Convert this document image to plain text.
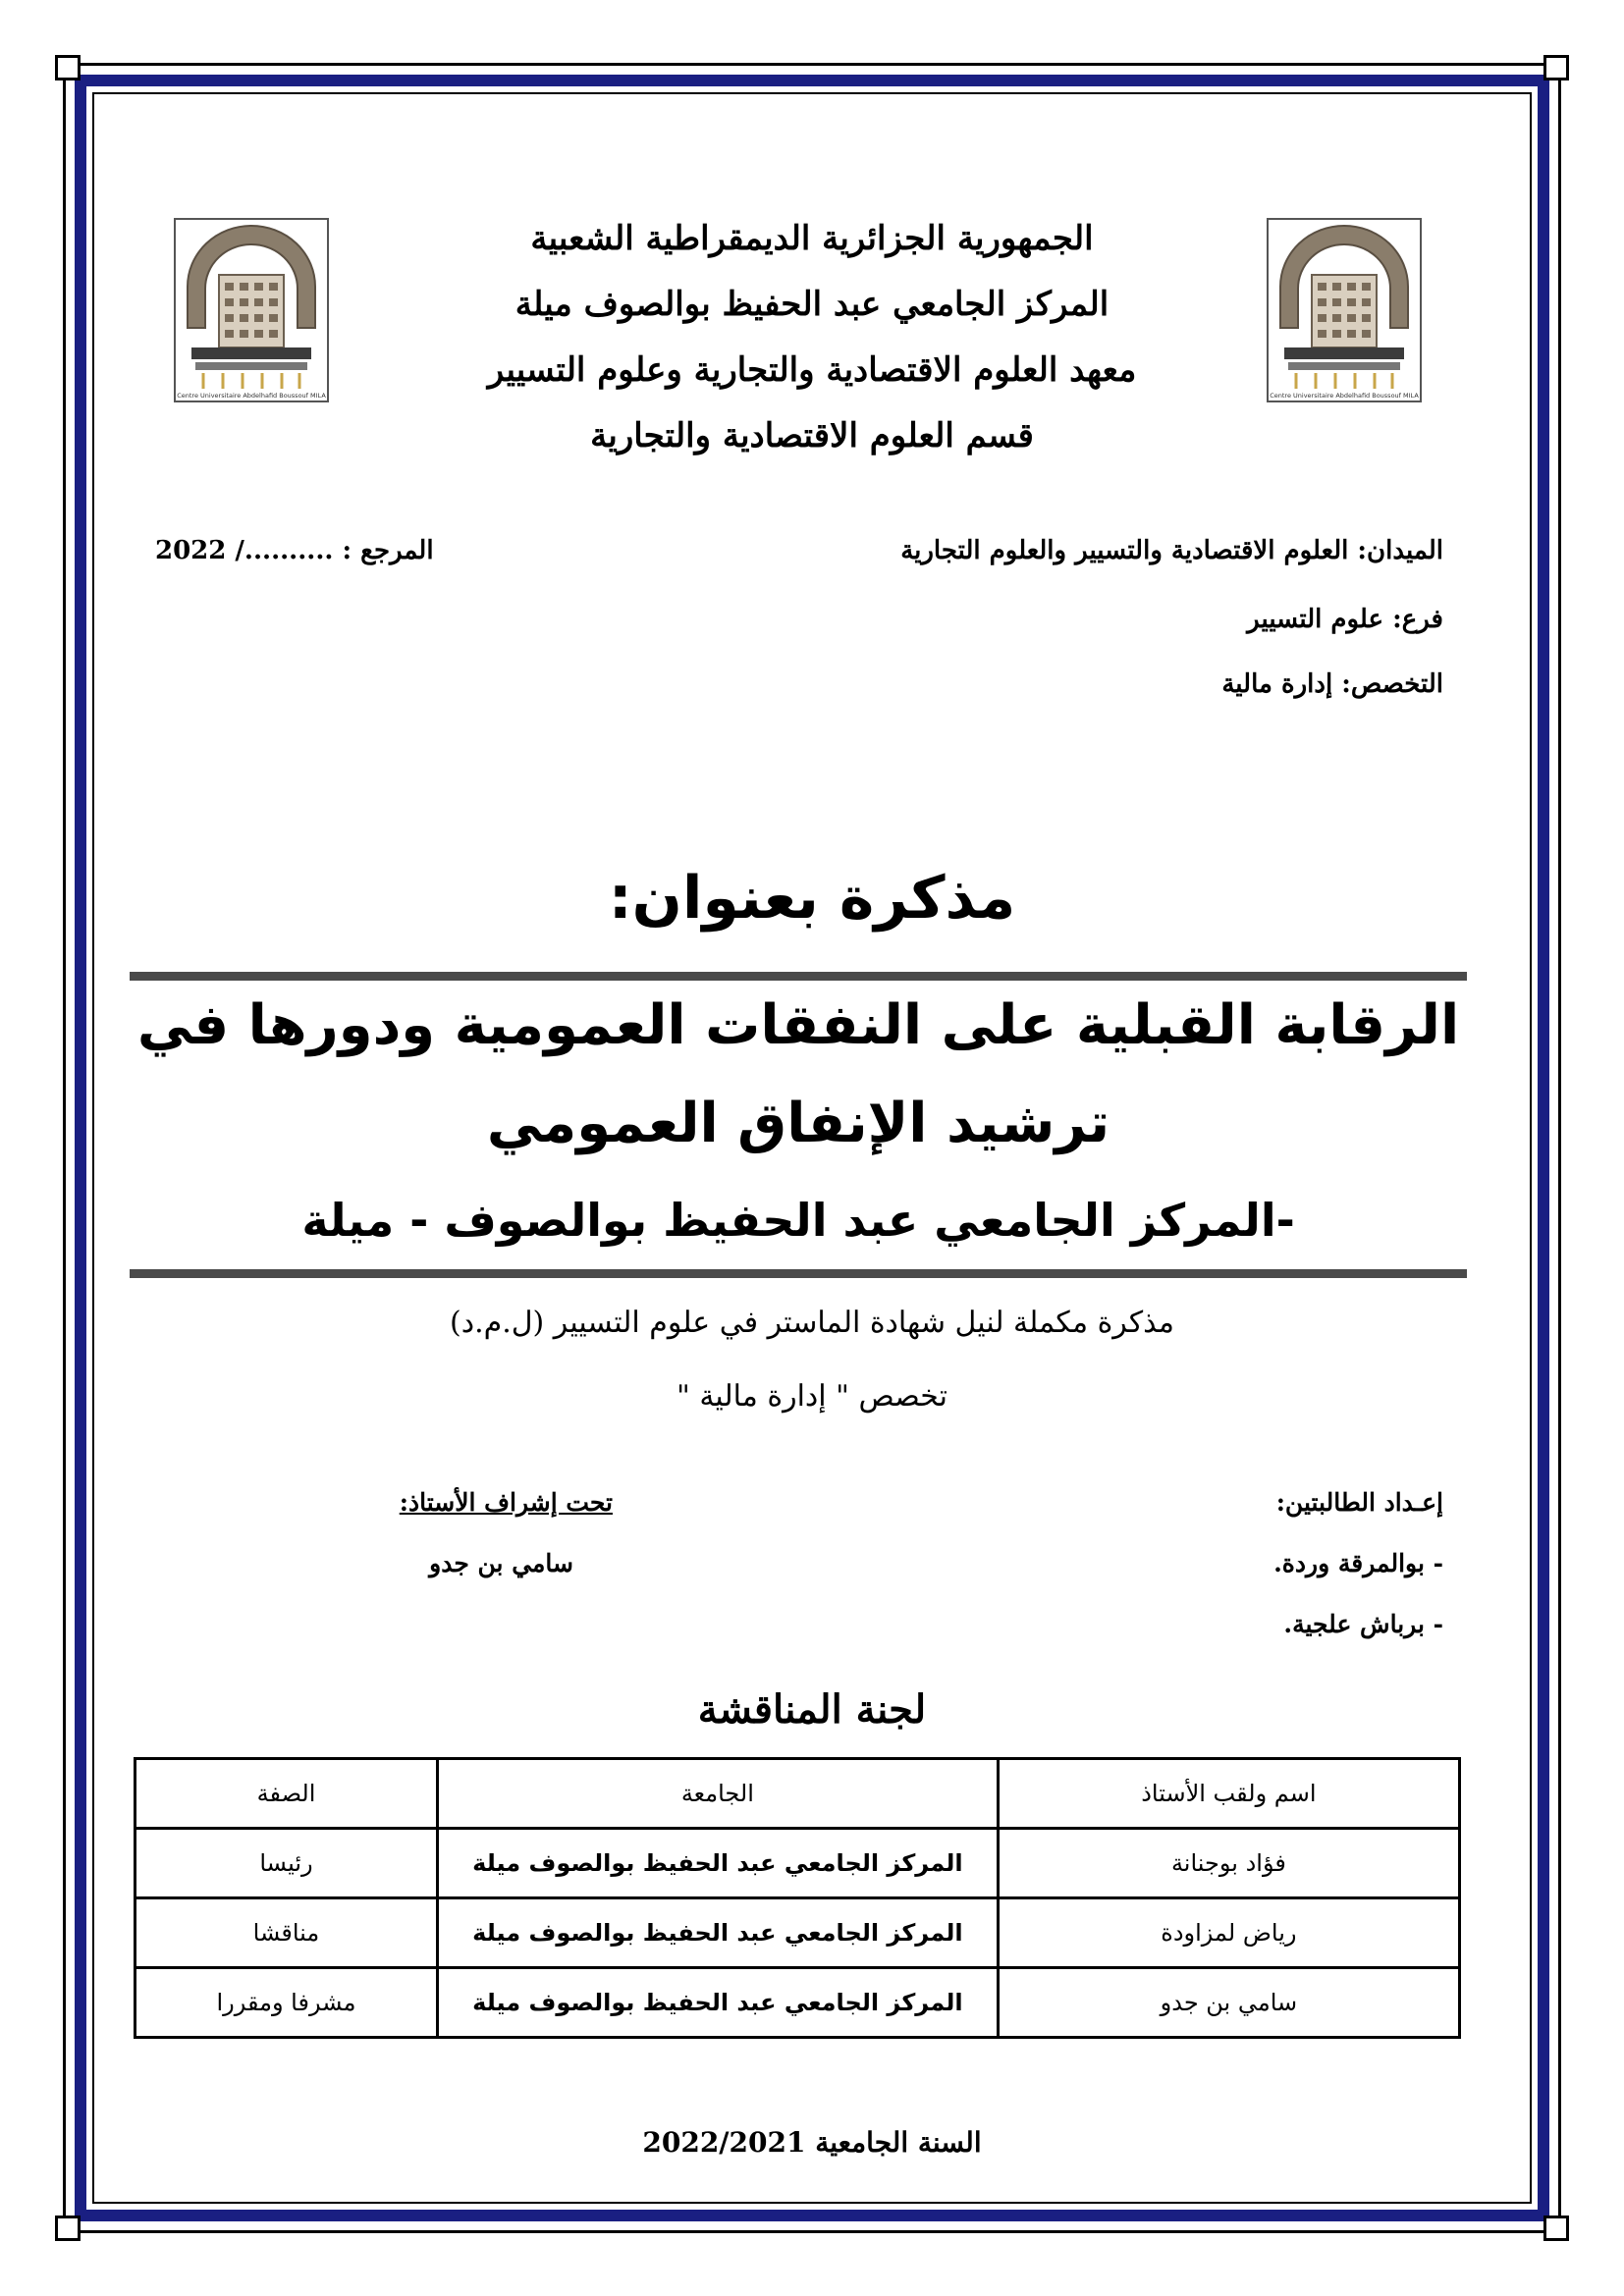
Centre Universitaire Abdelhafid Boussouf MILA
Centre Universitaire Abdelhafid Boussouf MILA
الجمهورية الجزائرية الديمقراطية الشعبية
المركز الجامعي عبد الحفيظ بوالصوف ميلة
معهد العلوم الاقتصادية والتجارية وعلوم التسيير
قسم العلوم الاقتصادية والتجارية
الميدان: العلوم الاقتصادية والتسيير والعلوم التجارية
المرجع : ........../ 2022
فرع: علوم التسيير
التخصص: إدارة مالية
مذكرة بعنوان:
الرقابة القبلية على النفقات العمومية ودورها في
ترشيد الإنفاق العمومي
-المركز الجامعي عبد الحفيظ بوالصوف - ميلة
مذكرة مكملة لنيل شهادة الماستر في علوم التسيير (ل.م.د)
تخصص " إدارة مالية "
إعـداد الطالبتين:
- بوالمرقة وردة.
- برباش علجية.
تحت إشراف الأستاذ:
سامي بن جدو
لجنة المناقشة
اسم ولقب الأستاذ	الجامعة	الصفة
فؤاد بوجنانة	المركز الجامعي عبد الحفيظ بوالصوف ميلة	رئيسا
رياض لمزاودة	المركز الجامعي عبد الحفيظ بوالصوف ميلة	مناقشا
سامي بن جدو	المركز الجامعي عبد الحفيظ بوالصوف ميلة	مشرفا ومقررا
السنة الجامعية 2022/2021
